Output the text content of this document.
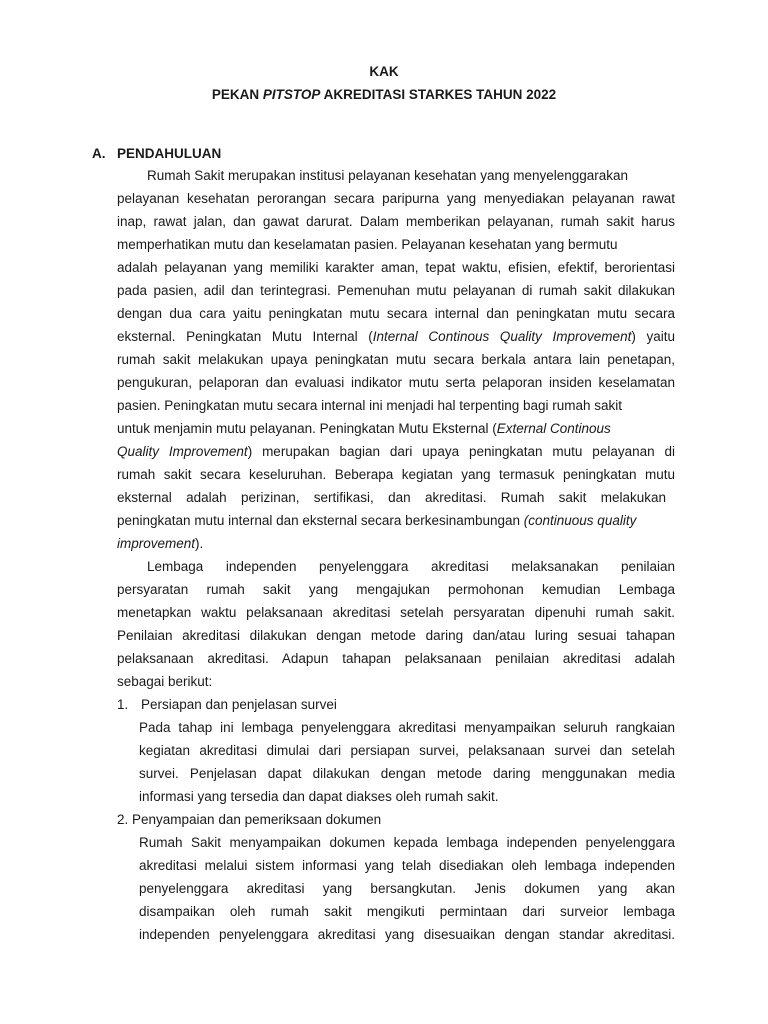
KAK
PEKAN PITSTOP AKREDITASI STARKES TAHUN 2022
A. PENDAHULUAN
Rumah Sakit merupakan institusi pelayanan kesehatan yang menyelenggarakan
pelayanan kesehatan perorangan secara paripurna yang menyediakan pelayanan rawat
inap, rawat jalan, dan gawat darurat. Dalam memberikan pelayanan, rumah sakit harus
memperhatikan mutu dan keselamatan pasien. Pelayanan kesehatan yang bermutu
adalah pelayanan yang memiliki karakter aman, tepat waktu, efisien, efektif, berorientasi
pada pasien, adil dan terintegrasi. Pemenuhan mutu pelayanan di rumah sakit dilakukan
dengan dua cara yaitu peningkatan mutu secara internal dan peningkatan mutu secara
eksternal. Peningkatan Mutu Internal (Internal Continous Quality Improvement) yaitu
rumah sakit melakukan upaya peningkatan mutu secara berkala antara lain penetapan,
pengukuran, pelaporan dan evaluasi indikator mutu serta pelaporan insiden keselamatan
pasien. Peningkatan mutu secara internal ini menjadi hal terpenting bagi rumah sakit
untuk menjamin mutu pelayanan. Peningkatan Mutu Eksternal (External Continous
Quality Improvement) merupakan bagian dari upaya peningkatan mutu pelayanan di
rumah sakit secara keseluruhan. Beberapa kegiatan yang termasuk peningkatan mutu
eksternal adalah perizinan, sertifikasi, dan akreditasi. Rumah sakit melakukan
peningkatan mutu internal dan eksternal secara berkesinambungan (continuous quality
improvement).
Lembaga independen penyelenggara akreditasi melaksanakan penilaian
persyaratan rumah sakit yang mengajukan permohonan kemudian Lembaga
menetapkan waktu pelaksanaan akreditasi setelah persyaratan dipenuhi rumah sakit.
Penilaian akreditasi dilakukan dengan metode daring dan/atau luring sesuai tahapan
pelaksanaan akreditasi. Adapun tahapan pelaksanaan penilaian akreditasi adalah
sebagai berikut:
1. Persiapan dan penjelasan survei
Pada tahap ini lembaga penyelenggara akreditasi menyampaikan seluruh rangkaian
kegiatan akreditasi dimulai dari persiapan survei, pelaksanaan survei dan setelah
survei. Penjelasan dapat dilakukan dengan metode daring menggunakan media
informasi yang tersedia dan dapat diakses oleh rumah sakit.
2. Penyampaian dan pemeriksaan dokumen
Rumah Sakit menyampaikan dokumen kepada lembaga independen penyelenggara
akreditasi melalui sistem informasi yang telah disediakan oleh lembaga independen
penyelenggara akreditasi yang bersangkutan. Jenis dokumen yang akan
disampaikan oleh rumah sakit mengikuti permintaan dari surveior lembaga
independen penyelenggara akreditasi yang disesuaikan dengan standar akreditasi.
